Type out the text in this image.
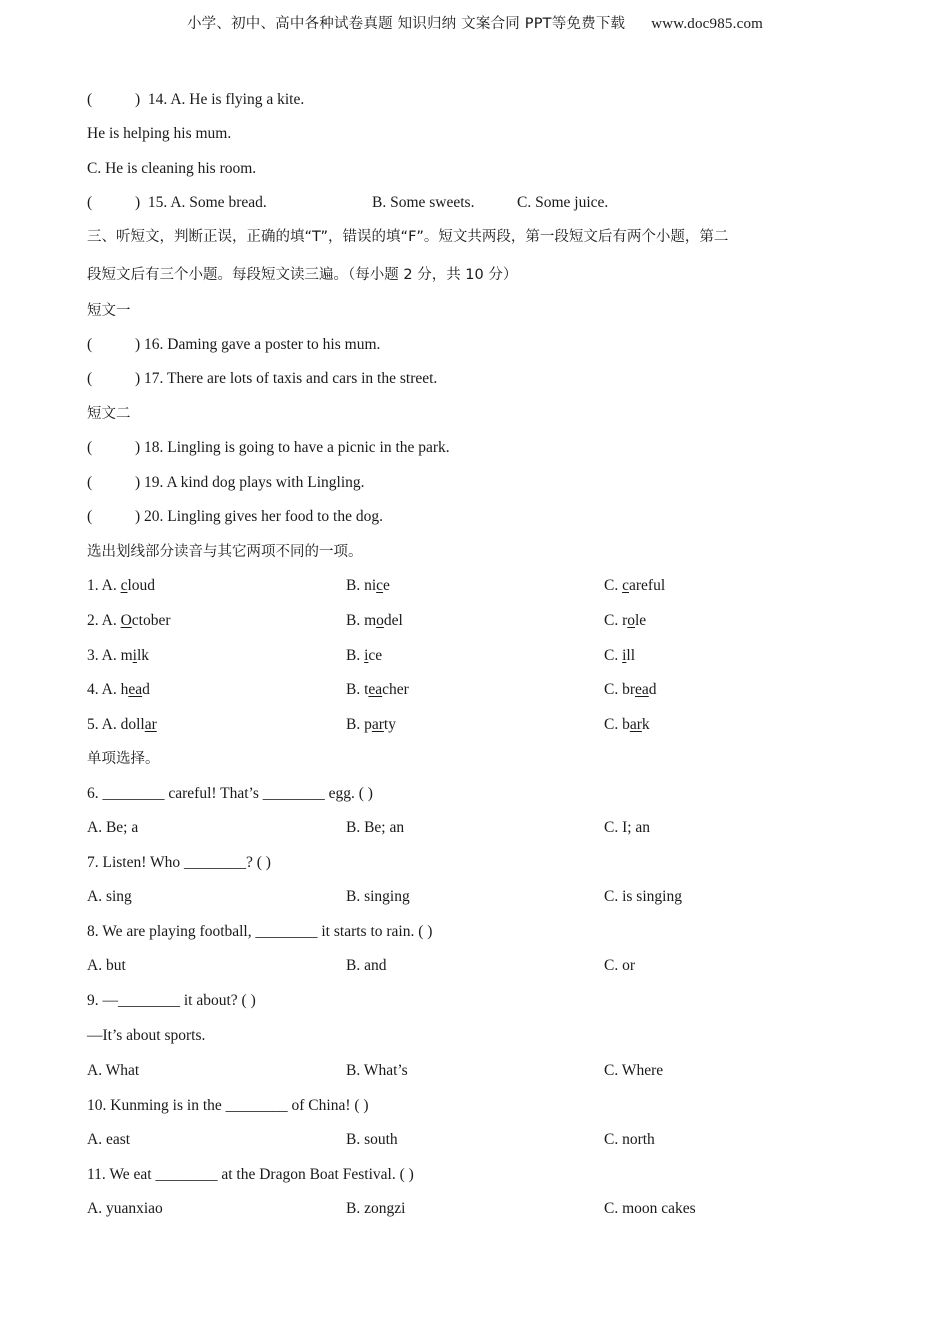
小学、初中、高中各种试卷真题 知识归纳 文案合同 PPT等免费下载 www.doc985.com
(	) 14. A. He is flying a kite.
He is helping his mum.
C. He is cleaning his room.
(	) 15. A. Some bread.	B. Some sweets.	C. Some juice.
三、听短文，判断正误，正确的填“T”，错误的填“F”。短文共两段，第一段短文后有两个小题，第二
段短文后有三个小题。每段短文读三遍。（每小题 2 分，共 10 分）
短文一
(	) 16. Daming gave a poster to his mum.
(	) 17. There are lots of taxis and cars in the street.
短文二
(	) 18. Lingling is going to have a picnic in the park.
(	) 19. A kind dog plays with Lingling.
(	) 20. Lingling gives her food to the dog.
选出划线部分读音与其它两项不同的一项。
1. A. cloud	B. nice	C. careful
2. A. October	B. model	C. role
3. A. milk	B. ice	C. ill
4. A. head	B. teacher	C. bread
5. A. dollar	B. party	C. bark
单项选择。
6. ________ careful! That’s ________ egg. ( )
A. Be; a	B. Be; an	C. I; an
7. Listen! Who ________? ( )
A. sing	B. singing	C. is singing
8. We are playing football, ________ it starts to rain. ( )
A. but	B. and	C. or
9. —________ it about? ( )
—It’s about sports.
A. What	B. What’s	C. Where
10. Kunming is in the ________ of China! ( )
A. east	B. south	C. north
11. We eat ________ at the Dragon Boat Festival. ( )
A. yuanxiao	B. zongzi	C. moon cakes
